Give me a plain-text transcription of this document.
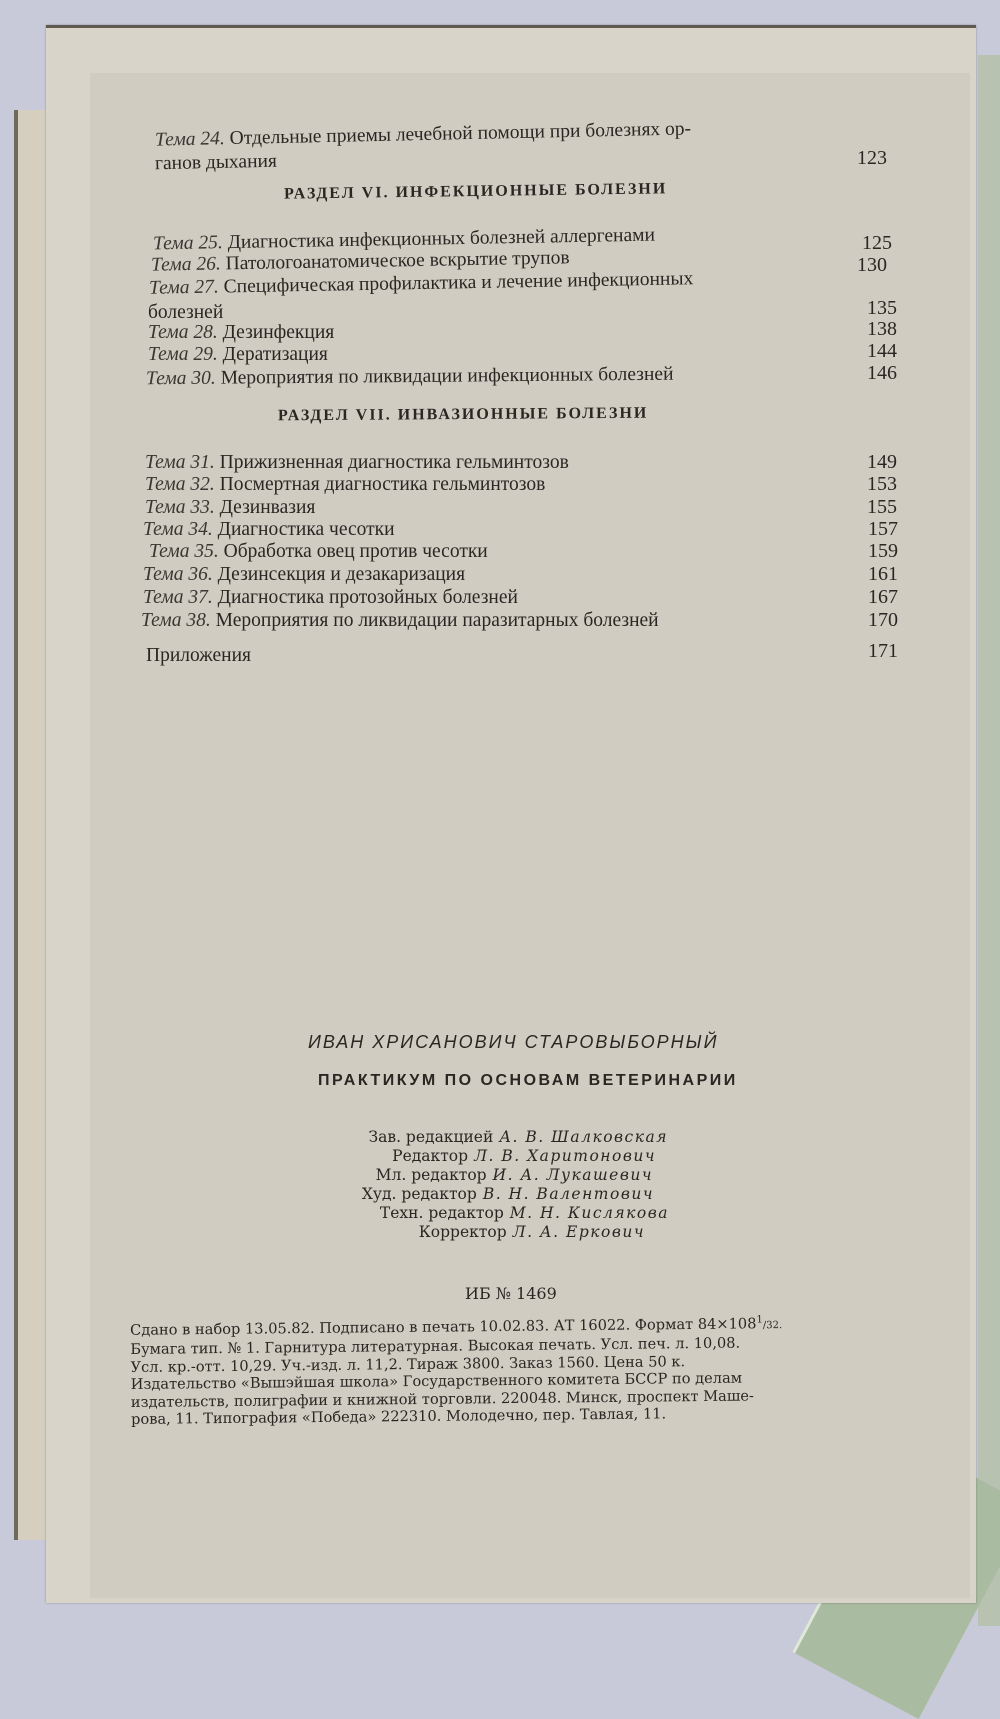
Тема 24. Отдельные приемы лечебной помощи при болезнях ор-
ганов дыхания	123
РАЗДЕЛ VI. ИНФЕКЦИОННЫЕ БОЛЕЗНИ
Тема 25. Диагностика инфекционных болезней аллергенами	125
Тема 26. Патологоанатомическое вскрытие трупов	130
Тема 27. Специфическая профилактика и лечение инфекционных
болезней	135
Тема 28. Дезинфекция	138
Тема 29. Дератизация	144
Тема 30. Мероприятия по ликвидации инфекционных болезней	146
РАЗДЕЛ VII. ИНВАЗИОННЫЕ БОЛЕЗНИ
Тема 31. Прижизненная диагностика гельминтозов	149
Тема 32. Посмертная диагностика гельминтозов	153
Тема 33. Дезинвазия	155
Тема 34. Диагностика чесотки	157
Тема 35. Обработка овец против чесотки	159
Тема 36. Дезинсекция и дезакаризация	161
Тема 37. Диагностика протозойных болезней	167
Тема 38. Мероприятия по ликвидации паразитарных болезней	170
Приложения	171
ИВАН ХРИСАНОВИЧ СТАРОВЫБОРНЫЙ
ПРАКТИКУМ ПО ОСНОВАМ ВЕТЕРИНАРИИ
Зав. редакцией А. В. Шалковская
Редактор Л. В. Харитонович
Мл. редактор И. А. Лукашевич
Худ. редактор В. Н. Валентович
Техн. редактор М. Н. Кислякова
Корректор Л. А. Еркович
ИБ № 1469
Сдано в набор 13.05.82. Подписано в печать 10.02.83. АТ 16022. Формат $84\times 108^1/32$.
Бумага тип. № 1. Гарнитура литературная. Высокая печать. Усл. печ. л. 10,08.
Усл. кр.-отт. 10,29. Уч.-изд. л. 11,2. Тираж 3800. Заказ 1560. Цена 50 к.
Издательство «Вышэйшая школа» Государственного комитета БССР по делам
издательств, полиграфии и книжной торговли. 220048. Минск, проспект Маше-
рова, 11. Типография «Победа» 222310. Молодечно, пер. Тавлая, 11.
